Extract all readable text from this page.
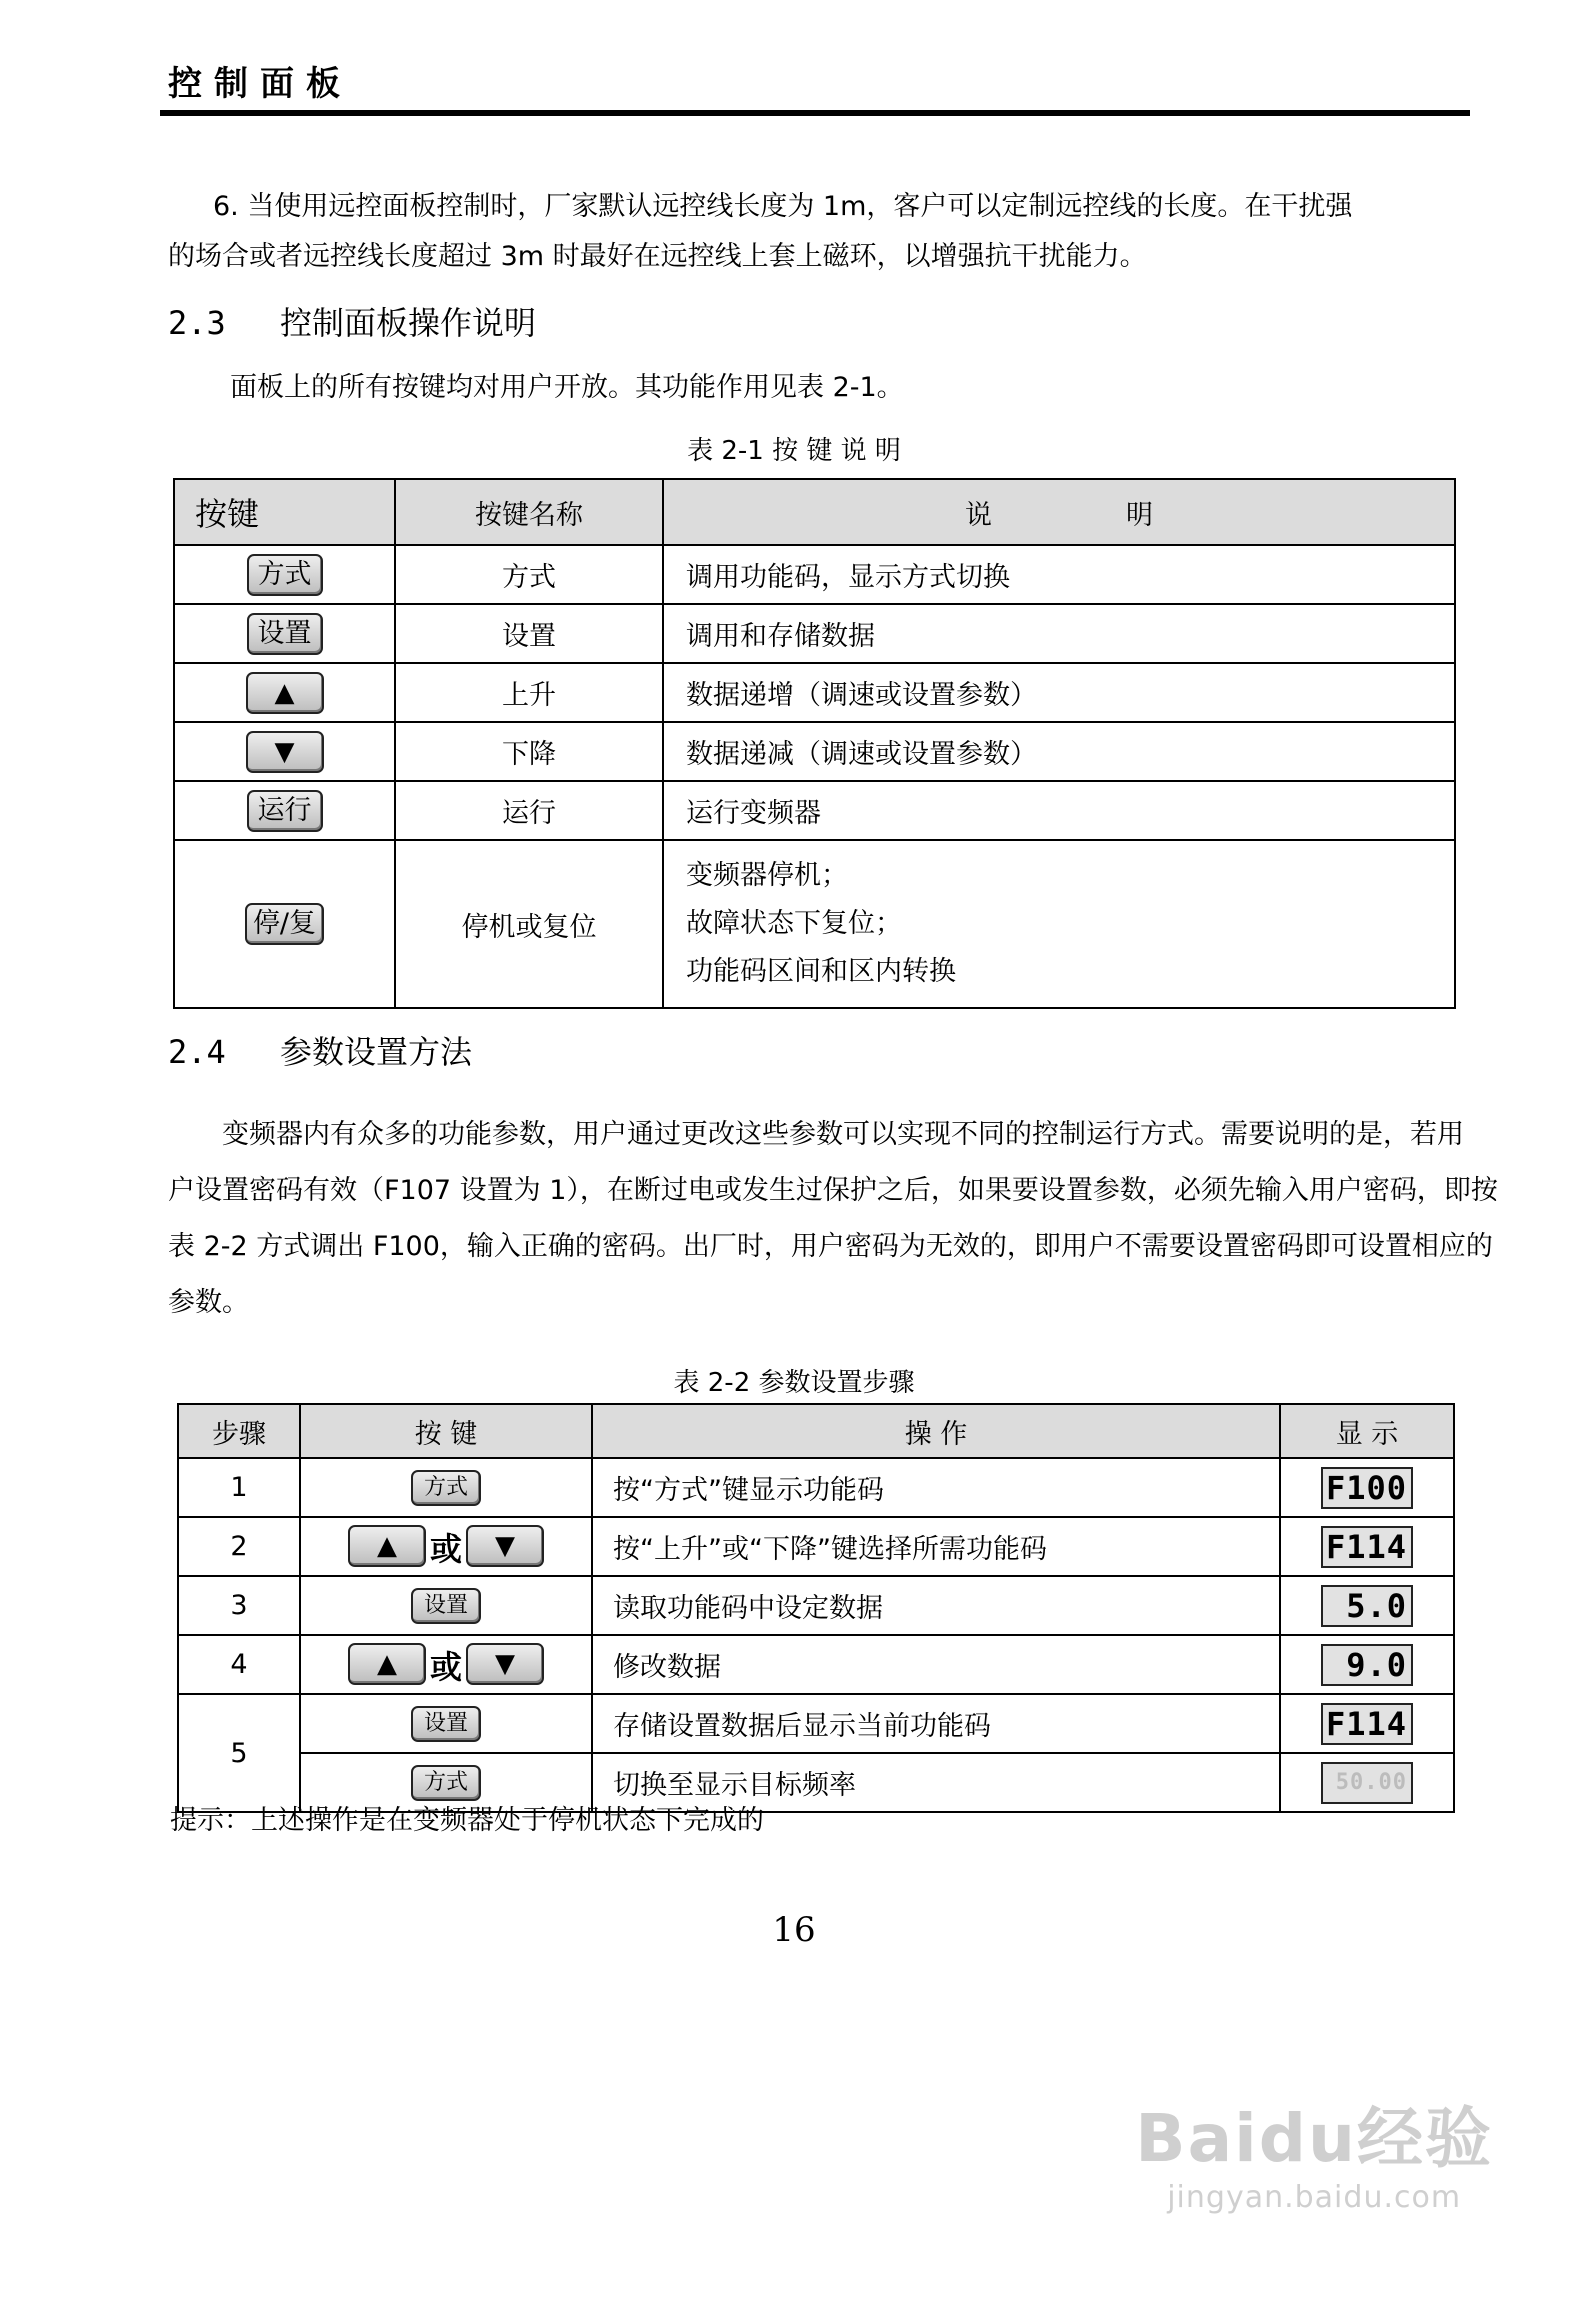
控制面板
6. 当使用远控面板控制时，厂家默认远控线长度为 1m，客户可以定制远控线的长度。在干扰强
的场合或者远控线长度超过 3m 时最好在远控线上套上磁环，以增强抗干扰能力。
2.3 控制面板操作说明
面板上的所有按键均对用户开放。其功能作用见表 2-1。
表 2-1 按 键 说 明
按键	按键名称	说 明

方式	方式	调用功能码，显示方式切换
设置	设置	调用和存储数据
▲	上升	数据递增（调速或设置参数）
▼	下降	数据递减（调速或设置参数）
运行	运行	运行变频器
停/复	停机或复位	变频器停机；
故障状态下复位；
功能码区间和区内转换
2.4 参数设置方法
变频器内有众多的功能参数，用户通过更改这些参数可以实现不同的控制运行方式。需要说明的是，若用
户设置密码有效（F107 设置为 1），在断过电或发生过保护之后，如果要设置参数，必须先输入用户密码，即按
表 2-2 方式调出 F100，输入正确的密码。出厂时，用户密码为无效的，即用户不需要设置密码即可设置相应的
参数。
表 2-2 参数设置步骤
步骤	按 键	操 作	显 示
1	方式	按“方式”键显示功能码	F100
2	▲ 或 ▼	按“上升”或“下降”键选择所需功能码	F114
3	设置	读取功能码中设定数据	5.0
4	▲ 或 ▼	修改数据	9.0
5	设置	存储设置数据后显示当前功能码	F114
	方式	切换至显示目标频率	50.00
提示：上述操作是在变频器处于停机状态下完成的
16
Baidu经验
jingyan.baidu.com
